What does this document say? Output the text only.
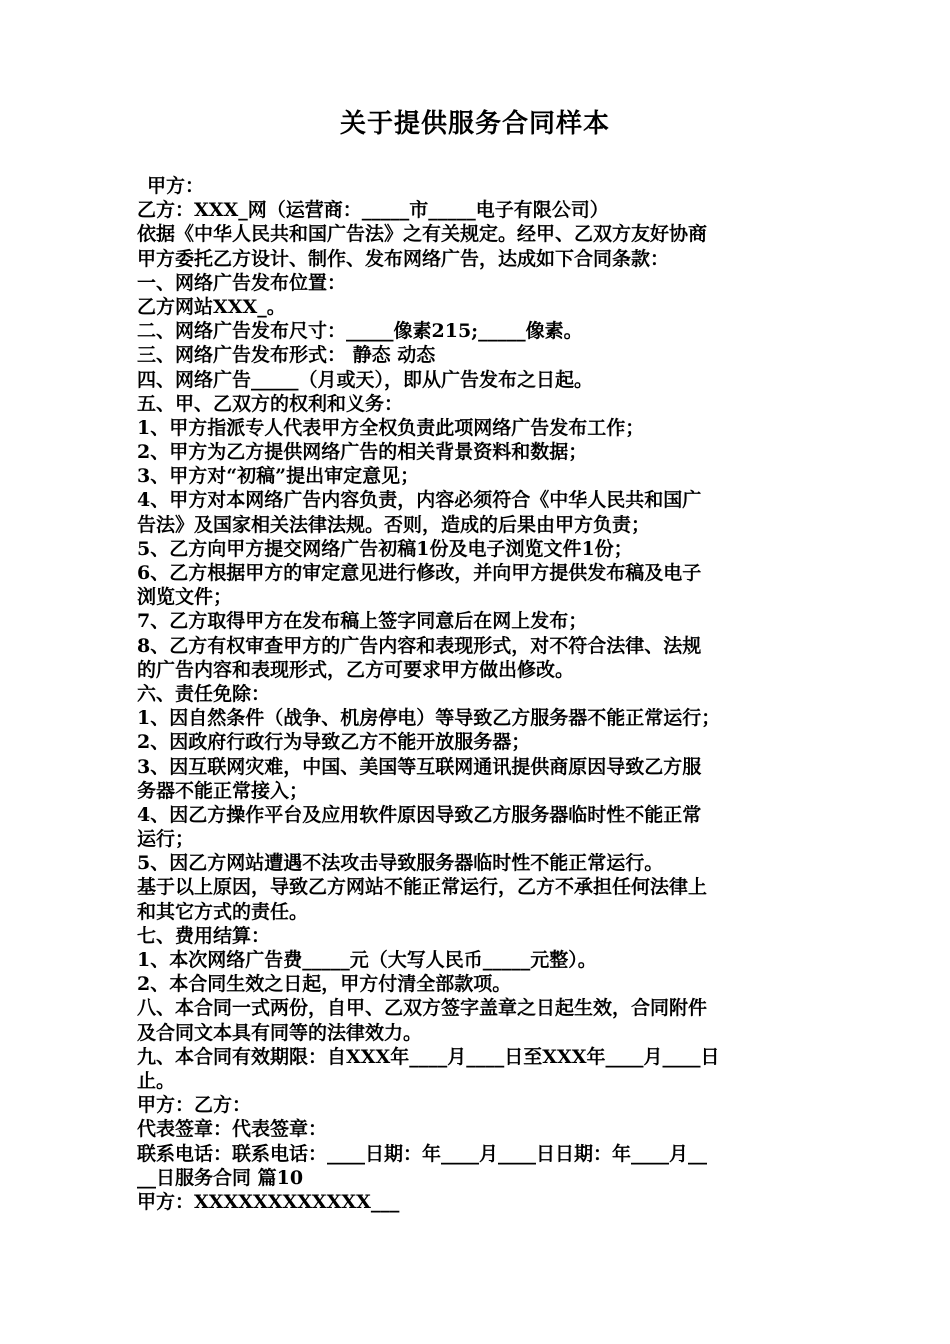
关于提供服务合同样本
甲方：
乙方：XXX_网（运营商：_____市_____电子有限公司）
依据《中华人民共和国广告法》之有关规定。经甲、乙双方友好协商
甲方委托乙方设计、制作、发布网络广告，达成如下合同条款：
一、网络广告发布位置：
乙方网站XXX_。
二、网络广告发布尺寸：_____像素215;_____像素。
三、网络广告发布形式： 静态 动态
四、网络广告_____（月或天），即从广告发布之日起。
五、甲、乙双方的权利和义务：
1、甲方指派专人代表甲方全权负责此项网络广告发布工作；
2、甲方为乙方提供网络广告的相关背景资料和数据；
3、甲方对“初稿”提出审定意见；
4、甲方对本网络广告内容负责，内容必须符合《中华人民共和国广
告法》及国家相关法律法规。否则，造成的后果由甲方负责；
5、乙方向甲方提交网络广告初稿1份及电子浏览文件1份；
6、乙方根据甲方的审定意见进行修改，并向甲方提供发布稿及电子
浏览文件；
7、乙方取得甲方在发布稿上签字同意后在网上发布；
8、乙方有权审查甲方的广告内容和表现形式，对不符合法律、法规
的广告内容和表现形式，乙方可要求甲方做出修改。
六、责任免除：
1、因自然条件（战争、机房停电）等导致乙方服务器不能正常运行；
2、因政府行政行为导致乙方不能开放服务器；
3、因互联网灾难，中国、美国等互联网通讯提供商原因导致乙方服
务器不能正常接入；
4、因乙方操作平台及应用软件原因导致乙方服务器临时性不能正常
运行；
5、因乙方网站遭遇不法攻击导致服务器临时性不能正常运行。
基于以上原因，导致乙方网站不能正常运行，乙方不承担任何法律上
和其它方式的责任。
七、费用结算：
1、本次网络广告费_____元（大写人民币_____元整）。
2、本合同生效之日起，甲方付清全部款项。
八、本合同一式两份，自甲、乙双方签字盖章之日起生效，合同附件
及合同文本具有同等的法律效力。
九、本合同有效期限：自XXX年____月____日至XXX年____月____日
止。
甲方：乙方：
代表签章：代表签章：
联系电话：联系电话：____日期：年____月____日日期：年____月__
__日服务合同 篇10
甲方：XXXXXXXXXXXX___
